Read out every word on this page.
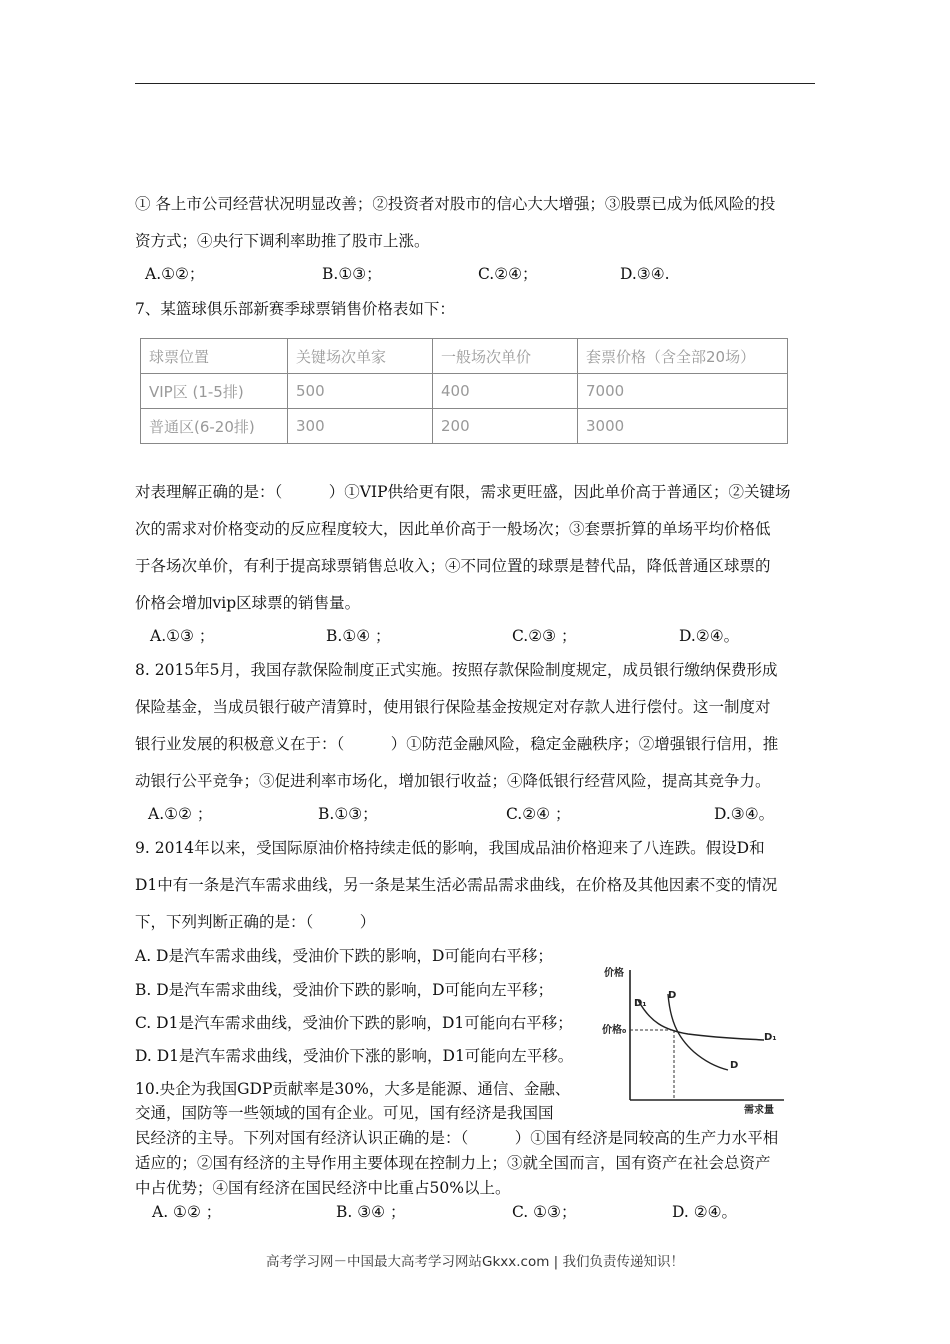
① 各上市公司经营状况明显改善；②投资者对股市的信心大大增强；③股票已成为低风险的投
资方式；④央行下调利率助推了股市上涨。
A.①②；	B.①③；	C.②④；	D.③④.
7、某篮球俱乐部新赛季球票销售价格表如下：
球票位置	关键场次单家	一般场次单价	套票价格（含全部20场）
VIP区 (1-5排)	500	400	7000
普通区(6-20排)	300	200	3000
对表理解正确的是：（　　　）①VIP供给更有限，需求更旺盛，因此单价高于普通区；②关键场
次的需求对价格变动的反应程度较大，因此单价高于一般场次；③套票折算的单场平均价格低
于各场次单价，有利于提高球票销售总收入；④不同位置的球票是替代品，降低普通区球票的
价格会增加vip区球票的销售量。
A.①③ ；	B.①④ ；	C.②③ ；	D.②④。
8. 2015年5月，我国存款保险制度正式实施。按照存款保险制度规定，成员银行缴纳保费形成
保险基金，当成员银行破产清算时，使用银行保险基金按规定对存款人进行偿付。这一制度对
银行业发展的积极意义在于：（　　　）①防范金融风险，稳定金融秩序；②增强银行信用，推
动银行公平竞争；③促进利率市场化，增加银行收益；④降低银行经营风险，提高其竞争力。
A.①② ；	B.①③；	C.②④ ；	D.③④。
9. 2014年以来，受国际原油价格持续走低的影响，我国成品油价格迎来了八连跌。假设D和
D1中有一条是汽车需求曲线，另一条是某生活必需品需求曲线，在价格及其他因素不变的情况
下，下列判断正确的是：（　　　）
A. D是汽车需求曲线，受油价下跌的影响，D可能向右平移；
B. D是汽车需求曲线，受油价下跌的影响，D可能向左平移；
C. D1是汽车需求曲线，受油价下跌的影响，D1可能向右平移；
D. D1是汽车需求曲线，受油价下涨的影响，D1可能向左平移。
价格
需求量
价格₀
D₁
D
D₁
D
10.央企为我国GDP贡献率是30%，大多是能源、通信、金融、
交通，国防等一些领域的国有企业。可见，国有经济是我国国
民经济的主导。下列对国有经济认识正确的是：（　　　）①国有经济是同较高的生产力水平相
适应的；②国有经济的主导作用主要体现在控制力上；③就全国而言，国有资产在社会总资产
中占优势；④国有经济在国民经济中比重占50%以上。
A. ①② ；	B. ③④ ；	C. ①③；	D. ②④。
高考学习网－中国最大高考学习网站Gkxx.com | 我们负责传递知识！
